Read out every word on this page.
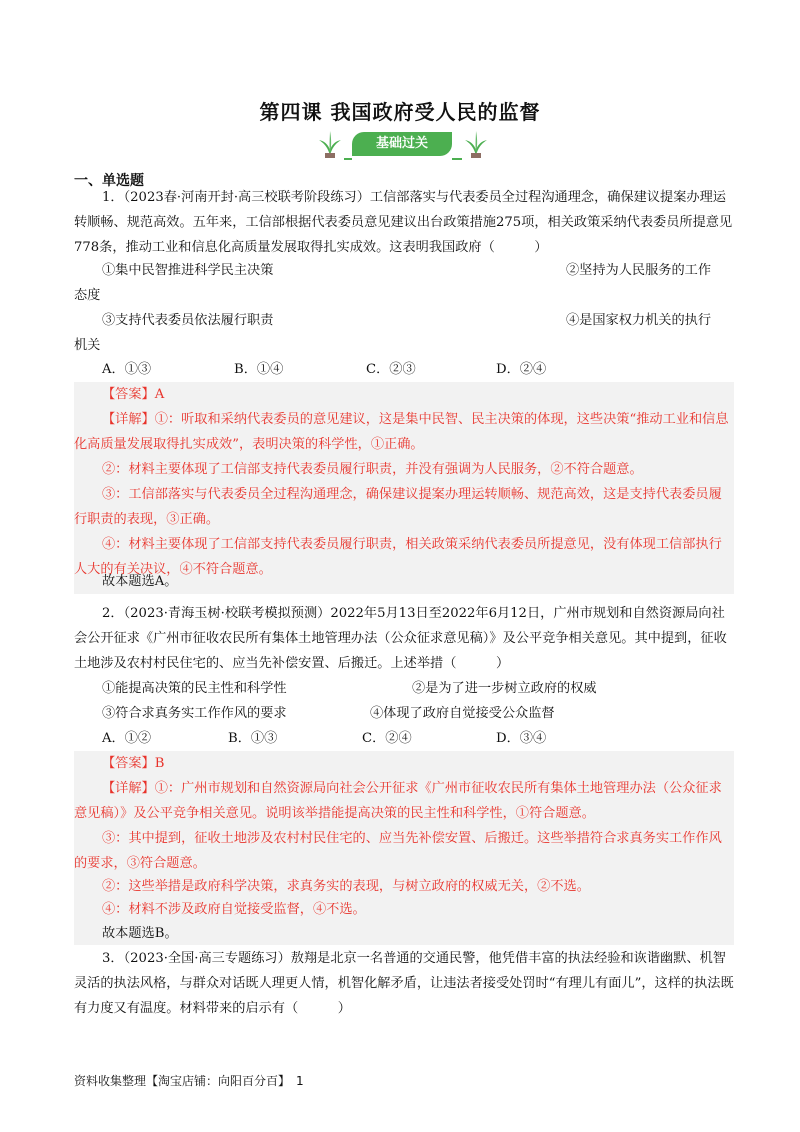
第四课 我国政府受人民的监督
基础过关
一、单选题

1．（2023春·河南开封·高三校联考阶段练习）工信部落实与代表委员全过程沟通理念，确保建议提案办理运转顺畅、规范高效。五年来，工信部根据代表委员意见建议出台政策措施275项，相关政策采纳代表委员所提意见778条，推动工业和信息化高质量发展取得扎实成效。这表明我国政府（　　　）

①集中民智推进科学民主决策	②坚持为人民服务的工作
态度
③支持代表委员依法履行职责	④是国家权力机关的执行
机关
A．①③	B．①④	C．②③	D．②④
【答案】A
【详解】①：听取和采纳代表委员的意见建议，这是集中民智、民主决策的体现，这些决策“推动工业和信息化高质量发展取得扎实成效”，表明决策的科学性，①正确。
②：材料主要体现了工信部支持代表委员履行职责，并没有强调为人民服务，②不符合题意。
③：工信部落实与代表委员全过程沟通理念，确保建议提案办理运转顺畅、规范高效，这是支持代表委员履行职责的表现，③正确。
④：材料主要体现了工信部支持代表委员履行职责，相关政策采纳代表委员所提意见，没有体现工信部执行人大的有关决议，④不符合题意。
故本题选A。

2．（2023·青海玉树·校联考模拟预测）2022年5月13日至2022年6月12日，广州市规划和自然资源局向社会公开征求《广州市征收农民所有集体土地管理办法（公众征求意见稿）》及公平竞争相关意见。其中提到，征收土地涉及农村村民住宅的、应当先补偿安置、后搬迁。上述举措（　　　）

①能提高决策的民主性和科学性	②是为了进一步树立政府的权威
③符合求真务实工作作风的要求	④体现了政府自觉接受公众监督
A．①②	B．①③	C．②④	D．③④
【答案】B
【详解】①：广州市规划和自然资源局向社会公开征求《广州市征收农民所有集体土地管理办法（公众征求意见稿）》及公平竞争相关意见。说明该举措能提高决策的民主性和科学性，①符合题意。
③：其中提到，征收土地涉及农村村民住宅的、应当先补偿安置、后搬迁。这些举措符合求真务实工作作风的要求，③符合题意。
②：这些举措是政府科学决策，求真务实的表现，与树立政府的权威无关，②不选。
④：材料不涉及政府自觉接受监督，④不选。
故本题选B。

3．（2023·全国·高三专题练习）敖翔是北京一名普通的交通民警，他凭借丰富的执法经验和诙谐幽默、机智灵活的执法风格，与群众对话既人理更人情，机智化解矛盾，让违法者接受处罚时“有理儿有面儿”，这样的执法既有力度又有温度。材料带来的启示有（　　　）

资料收集整理【淘宝店铺：向阳百分百】　1
